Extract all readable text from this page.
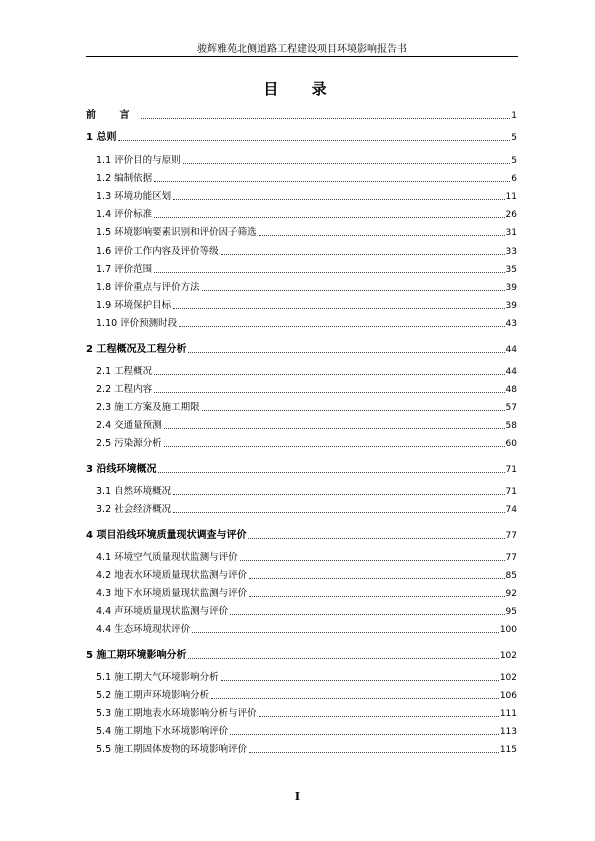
骏辉雅苑北侧道路工程建设项目环境影响报告书
目 录
前 言	1
1 总则	5
1.1 评价目的与原则	5
1.2 编制依据	6
1.3 环境功能区划	11
1.4 评价标准	26
1.5 环境影响要素识别和评价因子筛选	31
1.6 评价工作内容及评价等级	33
1.7 评价范围	35
1.8 评价重点与评价方法	39
1.9 环境保护目标	39
1.10 评价预测时段	43
2 工程概况及工程分析	44
2.1 工程概况	44
2.2 工程内容	48
2.3 施工方案及施工期限	57
2.4 交通量预测	58
2.5 污染源分析	60
3 沿线环境概况	71
3.1 自然环境概况	71
3.2 社会经济概况	74
4 项目沿线环境质量现状调查与评价	77
4.1 环境空气质量现状监测与评价	77
4.2 地表水环境质量现状监测与评价	85
4.3 地下水环境质量现状监测与评价	92
4.4 声环境质量现状监测与评价	95
4.4 生态环境现状评价	100
5 施工期环境影响分析	102
5.1 施工期大气环境影响分析	102
5.2 施工期声环境影响分析	106
5.3 施工期地表水环境影响分析与评价	111
5.4 施工期地下水环境影响评价	113
5.5 施工期固体废物的环境影响评价	115
I
